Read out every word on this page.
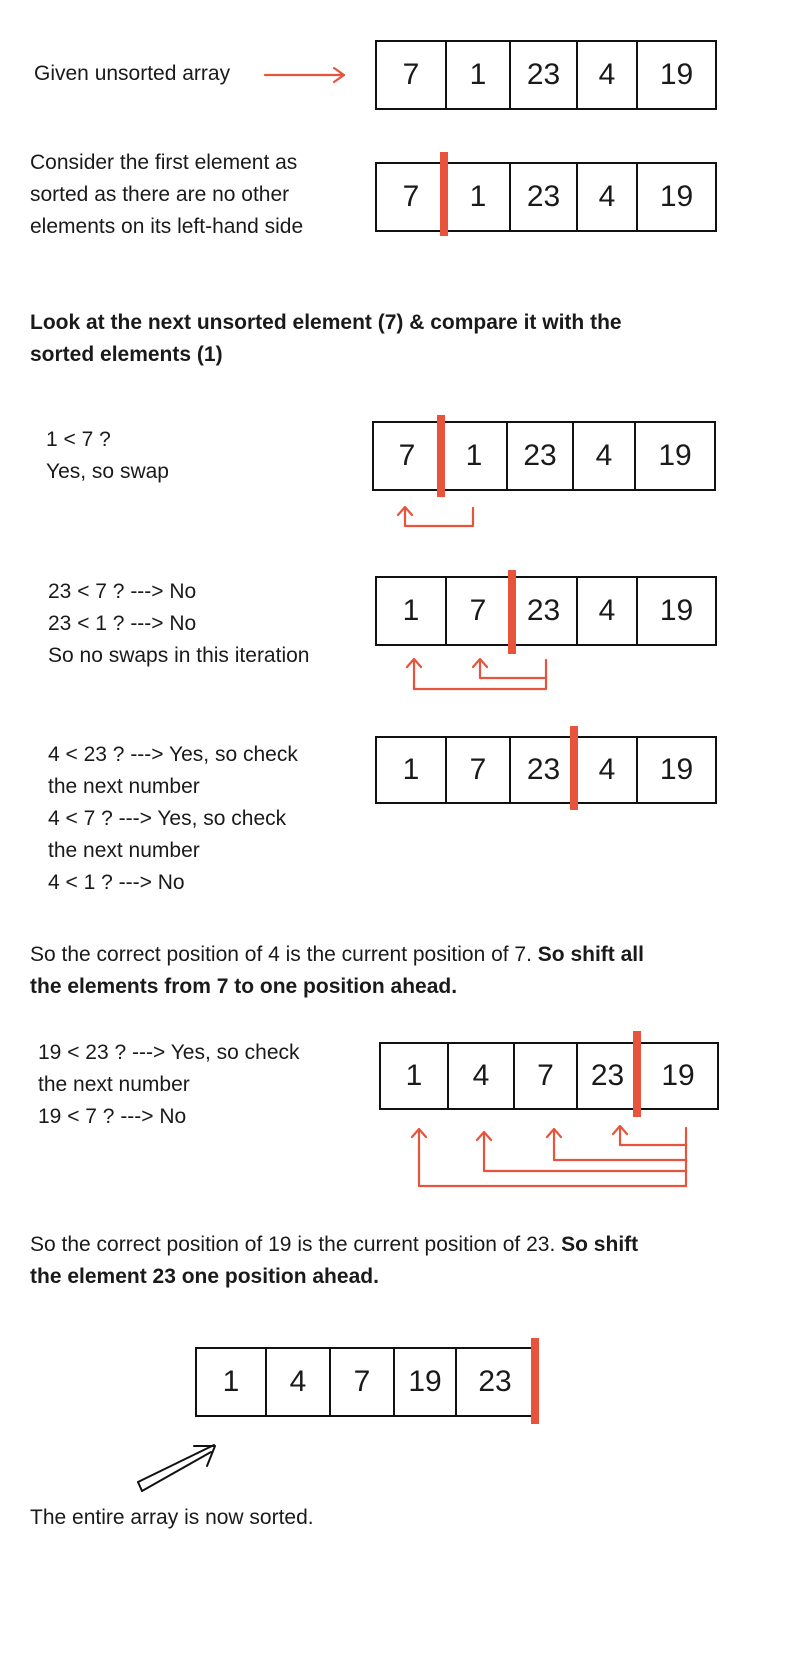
Given unsorted array	7	1	23	4	19
Consider the first element as
sorted as there are no other
elements on its left-hand side
7	1	23	4	19
Look at the next unsorted element (7) & compare it with the
sorted elements (1)
1 < 7 ?
Yes, so swap	7	1	23	4	19
23 < 7 ? ---> No
23 < 1 ? ---> No
So no swaps in this iteration
1	7	23	4	19
4 < 23 ? ---> Yes, so check
the next number
4 < 7 ? ---> Yes, so check
the next number
4 < 1 ? ---> No
1	7	23	4	19
So the correct position of 4 is the current position of 7. So shift all
the elements from 7 to one position ahead.
19 < 23 ? ---> Yes, so check
the next number
19 < 7 ? ---> No
1	4	7	23	19
So the correct position of 19 is the current position of 23. So shift
the element 23 one position ahead.
1	4	7	19	23
The entire array is now sorted.
